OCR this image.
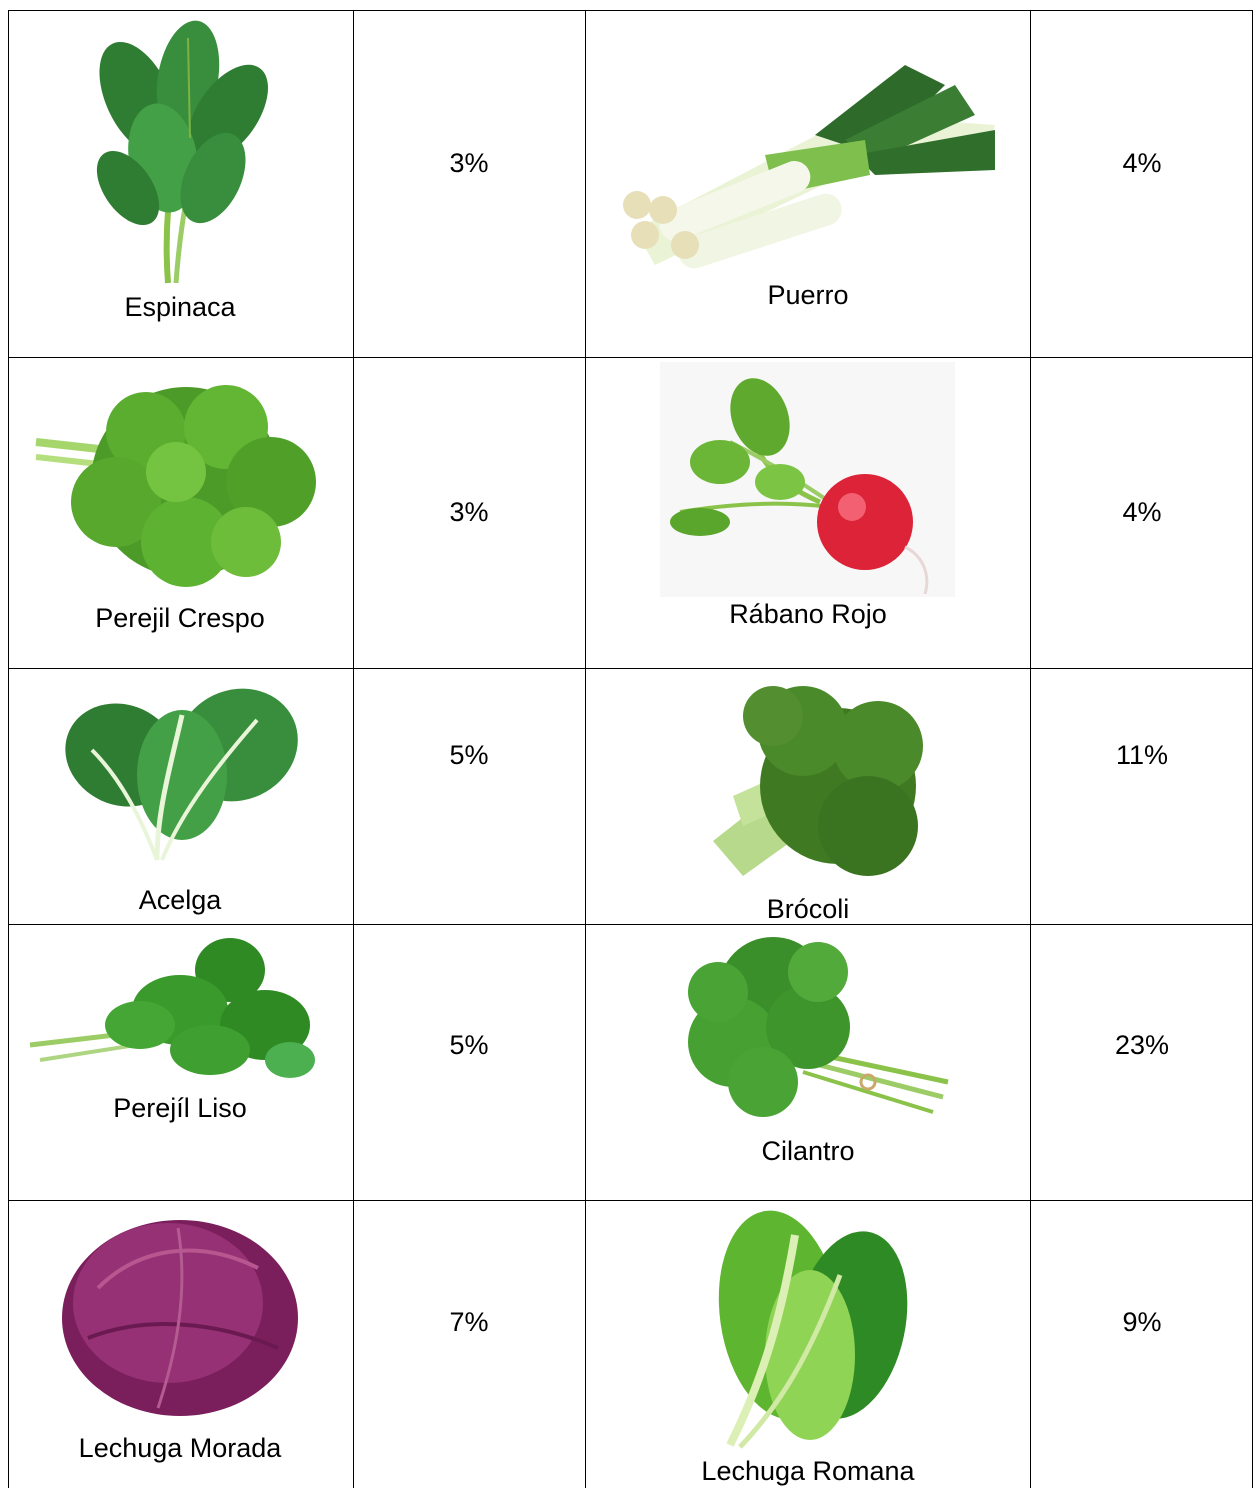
3%
Espinaca
4%
Puerro
3%
Perejil Crespo
4%
Rábano Rojo
5%
Acelga
11%
Brócoli
5%
Perejíl Liso
23%
Cilantro
7%
Lechuga Morada
9%
Lechuga Romana
